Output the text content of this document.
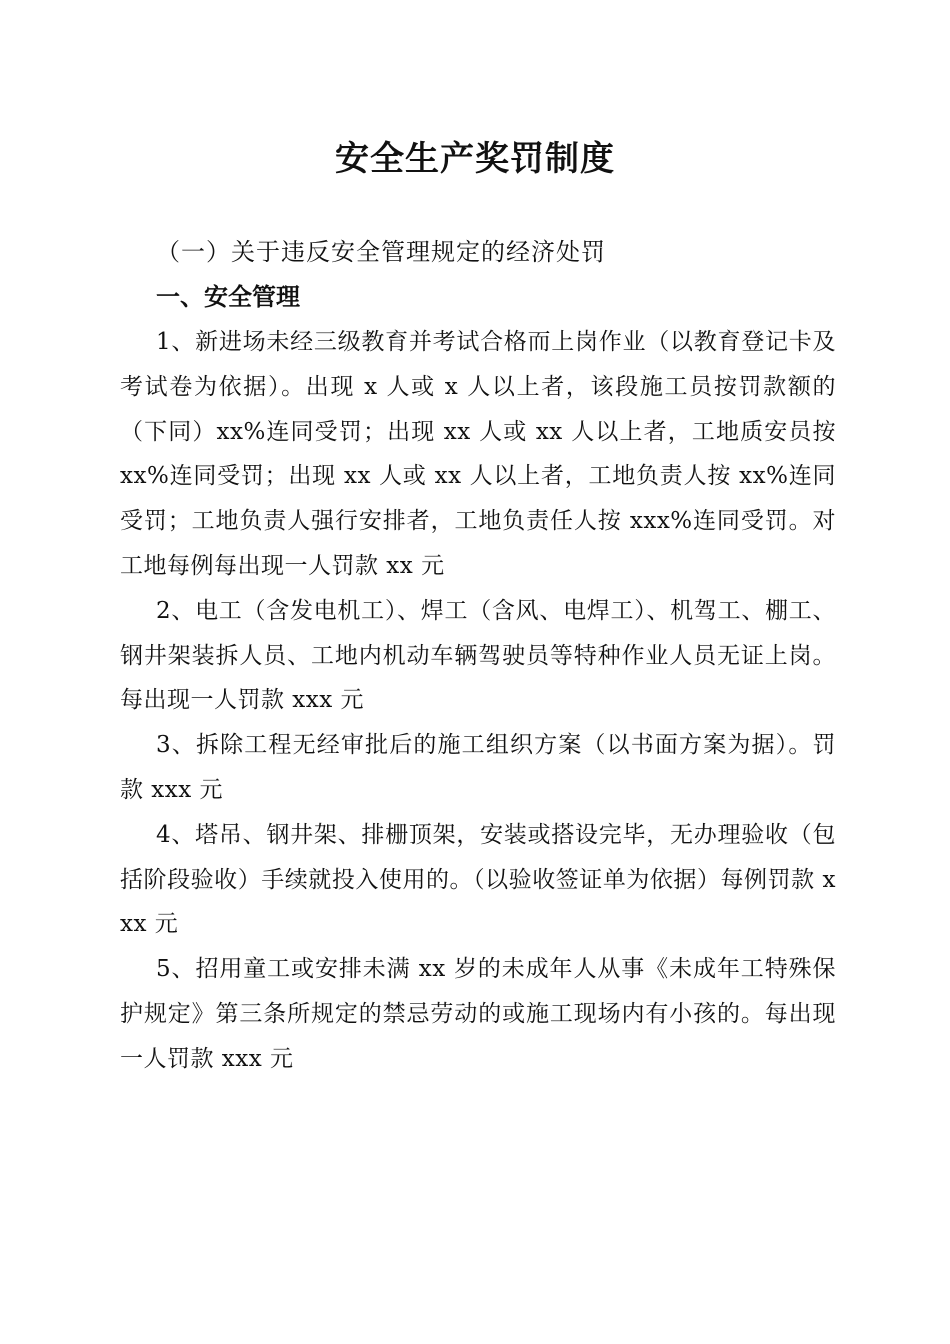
安全生产奖罚制度
（一）关于违反安全管理规定的经济处罚
一、安全管理

1、新进场未经三级教育并考试合格而上岗作业（以教育登记卡及考试卷为依据）。出现 x 人或 x 人以上者，该段施工员按罚款额的（下同）xx%连同受罚；出现 xx 人或 xx 人以上者，工地质安员按 xx%连同受罚；出现 xx 人或 xx 人以上者，工地负责人按 xx%连同受罚；工地负责人强行安排者，工地负责任人按 xxx%连同受罚。对工地每例每出现一人罚款 xx 元

2、电工（含发电机工）、焊工（含风、电焊工）、机驾工、棚工、钢井架装拆人员、工地内机动车辆驾驶员等特种作业人员无证上岗。每出现一人罚款 xxx 元

3、拆除工程无经审批后的施工组织方案（以书面方案为据）。罚款 xxx 元

4、塔吊、钢井架、排栅顶架，安装或搭设完毕，无办理验收（包括阶段验收）手续就投入使用的。（以验收签证单为依据）每例罚款 xxx 元

5、招用童工或安排未满 xx 岁的未成年人从事《未成年工特殊保护规定》第三条所规定的禁忌劳动的或施工现场内有小孩的。每出现一人罚款 xxx 元
